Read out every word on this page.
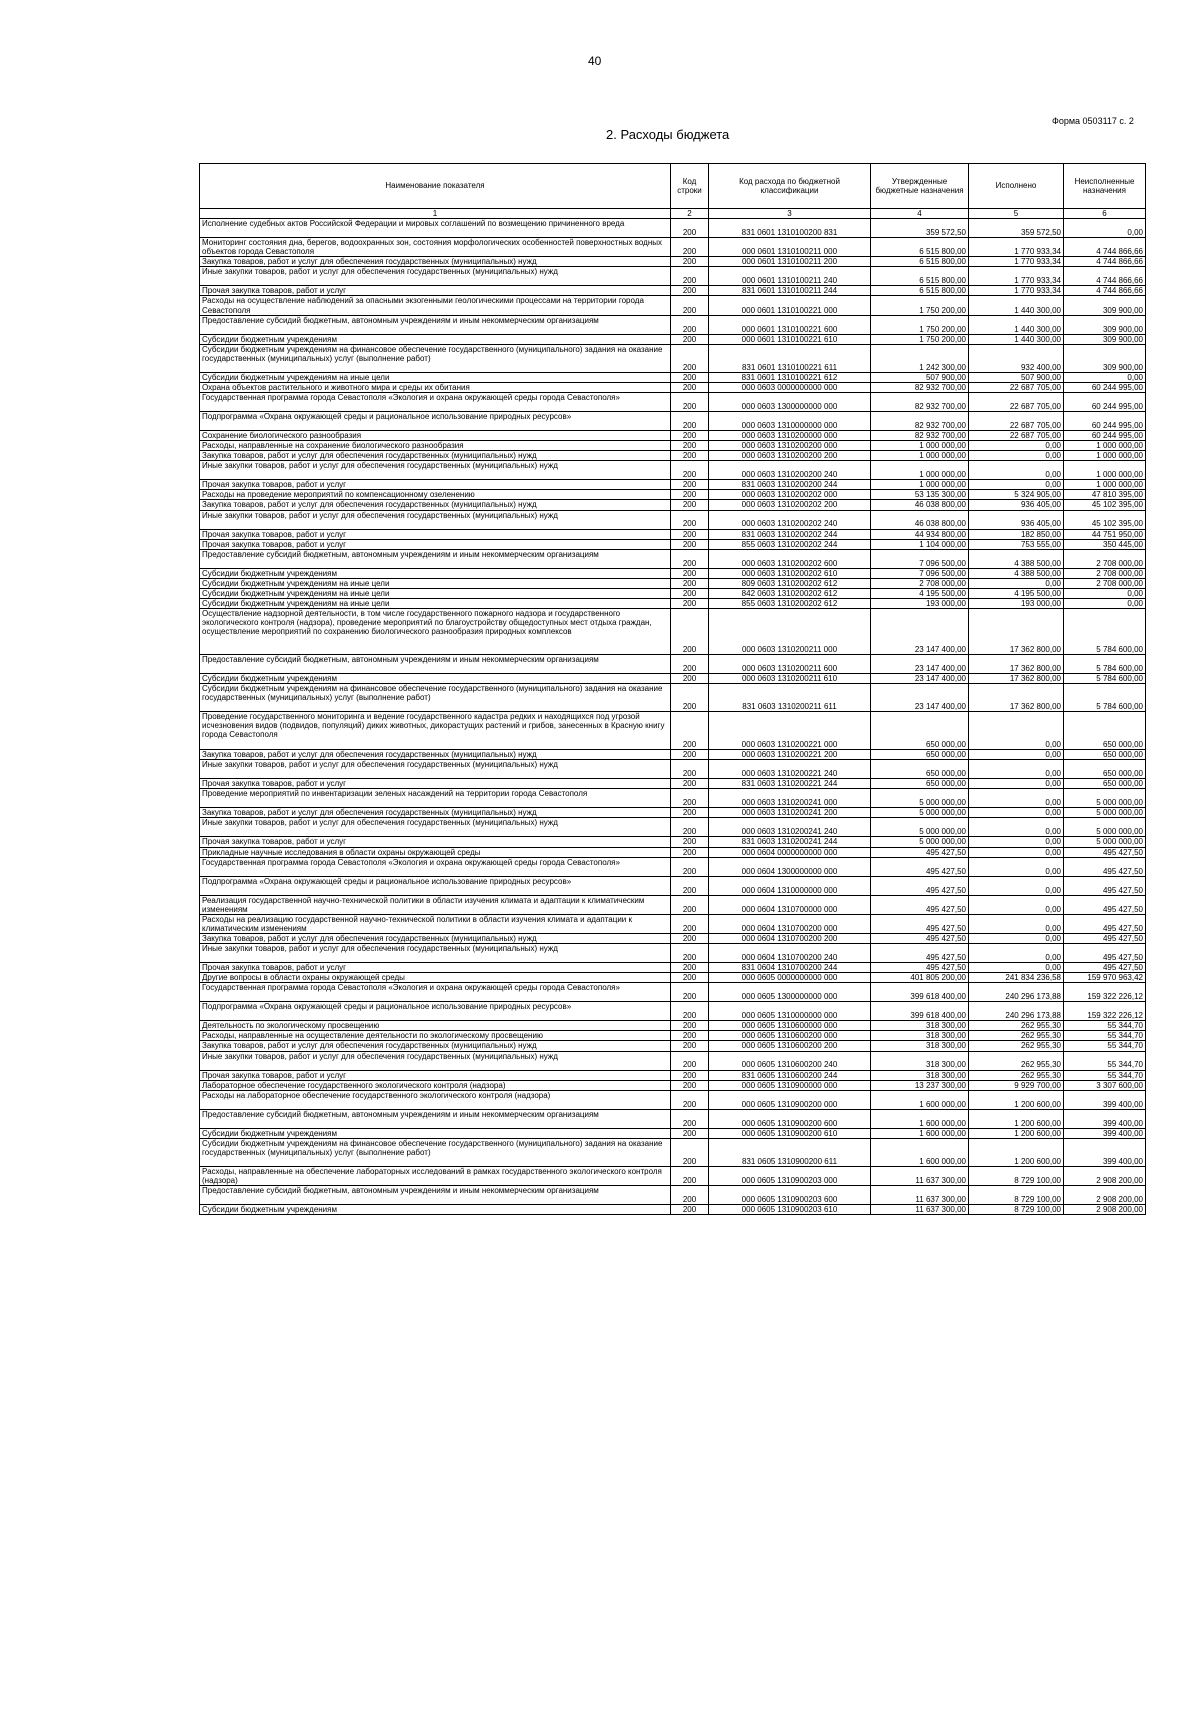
40
Форма 0503117 с. 2
2. Расходы бюджета
Наименование показателя	Код строки	Код расхода по бюджетной классификации	Утвержденные бюджетные назначения	Исполнено	Неисполненные назначения
1	2	3	4	5	6
Исполнение судебных актов Российской Федерации и мировых соглашений по возмещению причиненного вреда	200	831 0601 1310100200 831	359 572,50	359 572,50	0,00
Мониторинг состояния дна, берегов, водоохранных зон, состояния морфологических особенностей поверхностных водных объектов города Севастополя	200	000 0601 1310100211 000	6 515 800,00	1 770 933,34	4 744 866,66
Закупка товаров, работ и услуг для обеспечения государственных (муниципальных) нужд	200	000 0601 1310100211 200	6 515 800,00	1 770 933,34	4 744 866,66
Иные закупки товаров, работ и услуг для обеспечения государственных (муниципальных) нужд	200	000 0601 1310100211 240	6 515 800,00	1 770 933,34	4 744 866,66
Прочая закупка товаров, работ и услуг	200	831 0601 1310100211 244	6 515 800,00	1 770 933,34	4 744 866,66
Расходы на осуществление наблюдений за опасными экзогенными геологическими процессами на территории города Севастополя	200	000 0601 1310100221 000	1 750 200,00	1 440 300,00	309 900,00
Предоставление субсидий бюджетным, автономным учреждениям и иным некоммерческим организациям	200	000 0601 1310100221 600	1 750 200,00	1 440 300,00	309 900,00
Субсидии бюджетным учреждениям	200	000 0601 1310100221 610	1 750 200,00	1 440 300,00	309 900,00
Субсидии бюджетным учреждениям на финансовое обеспечение государственного (муниципального) задания на оказание государственных (муниципальных) услуг (выполнение работ)	200	831 0601 1310100221 611	1 242 300,00	932 400,00	309 900,00
Субсидии бюджетным учреждениям на иные цели	200	831 0601 1310100221 612	507 900,00	507 900,00	0,00
Охрана объектов растительного и животного мира и среды их обитания	200	000 0603 0000000000 000	82 932 700,00	22 687 705,00	60 244 995,00
Государственная программа города Севастополя «Экология и охрана окружающей среды города Севастополя»	200	000 0603 1300000000 000	82 932 700,00	22 687 705,00	60 244 995,00
Подпрограмма «Охрана окружающей среды и рациональное использование природных ресурсов»	200	000 0603 1310000000 000	82 932 700,00	22 687 705,00	60 244 995,00
Сохранение биологического разнообразия	200	000 0603 1310200000 000	82 932 700,00	22 687 705,00	60 244 995,00
Расходы, направленные на сохранение биологического разнообразия	200	000 0603 1310200200 000	1 000 000,00	0,00	1 000 000,00
Закупка товаров, работ и услуг для обеспечения государственных (муниципальных) нужд	200	000 0603 1310200200 200	1 000 000,00	0,00	1 000 000,00
Иные закупки товаров, работ и услуг для обеспечения государственных (муниципальных) нужд	200	000 0603 1310200200 240	1 000 000,00	0,00	1 000 000,00
Прочая закупка товаров, работ и услуг	200	831 0603 1310200200 244	1 000 000,00	0,00	1 000 000,00
Расходы на проведение мероприятий по компенсационному озеленению	200	000 0603 1310200202 000	53 135 300,00	5 324 905,00	47 810 395,00
Закупка товаров, работ и услуг для обеспечения государственных (муниципальных) нужд	200	000 0603 1310200202 200	46 038 800,00	936 405,00	45 102 395,00
Иные закупки товаров, работ и услуг для обеспечения государственных (муниципальных) нужд	200	000 0603 1310200202 240	46 038 800,00	936 405,00	45 102 395,00
Прочая закупка товаров, работ и услуг	200	831 0603 1310200202 244	44 934 800,00	182 850,00	44 751 950,00
Прочая закупка товаров, работ и услуг	200	855 0603 1310200202 244	1 104 000,00	753 555,00	350 445,00
Предоставление субсидий бюджетным, автономным учреждениям и иным некоммерческим организациям	200	000 0603 1310200202 600	7 096 500,00	4 388 500,00	2 708 000,00
Субсидии бюджетным учреждениям	200	000 0603 1310200202 610	7 096 500,00	4 388 500,00	2 708 000,00
Субсидии бюджетным учреждениям на иные цели	200	809 0603 1310200202 612	2 708 000,00	0,00	2 708 000,00
Субсидии бюджетным учреждениям на иные цели	200	842 0603 1310200202 612	4 195 500,00	4 195 500,00	0,00
Субсидии бюджетным учреждениям на иные цели	200	855 0603 1310200202 612	193 000,00	193 000,00	0,00
Осуществление надзорной деятельности, в том числе государственного пожарного надзора и государственного экологического контроля (надзора), проведение мероприятий по благоустройству общедоступных мест отдыха граждан, осуществление мероприятий по сохранению биологического разнообразия природных комплексов	200	000 0603 1310200211 000	23 147 400,00	17 362 800,00	5 784 600,00
Предоставление субсидий бюджетным, автономным учреждениям и иным некоммерческим организациям	200	000 0603 1310200211 600	23 147 400,00	17 362 800,00	5 784 600,00
Субсидии бюджетным учреждениям	200	000 0603 1310200211 610	23 147 400,00	17 362 800,00	5 784 600,00
Субсидии бюджетным учреждениям на финансовое обеспечение государственного (муниципального) задания на оказание государственных (муниципальных) услуг (выполнение работ)	200	831 0603 1310200211 611	23 147 400,00	17 362 800,00	5 784 600,00
Проведение государственного мониторинга и ведение государственного кадастра редких и находящихся под угрозой исчезновения видов (подвидов, популяций) диких животных, дикорастущих растений и грибов, занесенных в Красную книгу города Севастополя	200	000 0603 1310200221 000	650 000,00	0,00	650 000,00
Закупка товаров, работ и услуг для обеспечения государственных (муниципальных) нужд	200	000 0603 1310200221 200	650 000,00	0,00	650 000,00
Иные закупки товаров, работ и услуг для обеспечения государственных (муниципальных) нужд	200	000 0603 1310200221 240	650 000,00	0,00	650 000,00
Прочая закупка товаров, работ и услуг	200	831 0603 1310200221 244	650 000,00	0,00	650 000,00
Проведение мероприятий по инвентаризации зеленых насаждений на территории города Севастополя	200	000 0603 1310200241 000	5 000 000,00	0,00	5 000 000,00
Закупка товаров, работ и услуг для обеспечения государственных (муниципальных) нужд	200	000 0603 1310200241 200	5 000 000,00	0,00	5 000 000,00
Иные закупки товаров, работ и услуг для обеспечения государственных (муниципальных) нужд	200	000 0603 1310200241 240	5 000 000,00	0,00	5 000 000,00
Прочая закупка товаров, работ и услуг	200	831 0603 1310200241 244	5 000 000,00	0,00	5 000 000,00
Прикладные научные исследования в области охраны окружающей среды	200	000 0604 0000000000 000	495 427,50	0,00	495 427,50
Государственная программа города Севастополя «Экология и охрана окружающей среды города Севастополя»	200	000 0604 1300000000 000	495 427,50	0,00	495 427,50
Подпрограмма «Охрана окружающей среды и рациональное использование природных ресурсов»	200	000 0604 1310000000 000	495 427,50	0,00	495 427,50
Реализация государственной научно-технической политики в области изучения климата и адаптации к климатическим изменениям	200	000 0604 1310700000 000	495 427,50	0,00	495 427,50
Расходы на реализацию государственной научно-технической политики в области изучения климата и адаптации к климатическим изменениям	200	000 0604 1310700200 000	495 427,50	0,00	495 427,50
Закупка товаров, работ и услуг для обеспечения государственных (муниципальных) нужд	200	000 0604 1310700200 200	495 427,50	0,00	495 427,50
Иные закупки товаров, работ и услуг для обеспечения государственных (муниципальных) нужд	200	000 0604 1310700200 240	495 427,50	0,00	495 427,50
Прочая закупка товаров, работ и услуг	200	831 0604 1310700200 244	495 427,50	0,00	495 427,50
Другие вопросы в области охраны окружающей среды	200	000 0605 0000000000 000	401 805 200,00	241 834 236,58	159 970 963,42
Государственная программа города Севастополя «Экология и охрана окружающей среды города Севастополя»	200	000 0605 1300000000 000	399 618 400,00	240 296 173,88	159 322 226,12
Подпрограмма «Охрана окружающей среды и рациональное использование природных ресурсов»	200	000 0605 1310000000 000	399 618 400,00	240 296 173,88	159 322 226,12
Деятельность по экологическому просвещению	200	000 0605 1310600000 000	318 300,00	262 955,30	55 344,70
Расходы, направленные на осуществление деятельности по экологическому просвещению	200	000 0605 1310600200 000	318 300,00	262 955,30	55 344,70
Закупка товаров, работ и услуг для обеспечения государственных (муниципальных) нужд	200	000 0605 1310600200 200	318 300,00	262 955,30	55 344,70
Иные закупки товаров, работ и услуг для обеспечения государственных (муниципальных) нужд	200	000 0605 1310600200 240	318 300,00	262 955,30	55 344,70
Прочая закупка товаров, работ и услуг	200	831 0605 1310600200 244	318 300,00	262 955,30	55 344,70
Лабораторное обеспечение государственного экологического контроля (надзора)	200	000 0605 1310900000 000	13 237 300,00	9 929 700,00	3 307 600,00
Расходы на лабораторное обеспечение государственного экологического контроля (надзора)	200	000 0605 1310900200 000	1 600 000,00	1 200 600,00	399 400,00
Предоставление субсидий бюджетным, автономным учреждениям и иным некоммерческим организациям	200	000 0605 1310900200 600	1 600 000,00	1 200 600,00	399 400,00
Субсидии бюджетным учреждениям	200	000 0605 1310900200 610	1 600 000,00	1 200 600,00	399 400,00
Субсидии бюджетным учреждениям на финансовое обеспечение государственного (муниципального) задания на оказание государственных (муниципальных) услуг (выполнение работ)	200	831 0605 1310900200 611	1 600 000,00	1 200 600,00	399 400,00
Расходы, направленные на обеспечение лабораторных исследований в рамках государственного экологического контроля (надзора)	200	000 0605 1310900203 000	11 637 300,00	8 729 100,00	2 908 200,00
Предоставление субсидий бюджетным, автономным учреждениям и иным некоммерческим организациям	200	000 0605 1310900203 600	11 637 300,00	8 729 100,00	2 908 200,00
Субсидии бюджетным учреждениям	200	000 0605 1310900203 610	11 637 300,00	8 729 100,00	2 908 200,00
